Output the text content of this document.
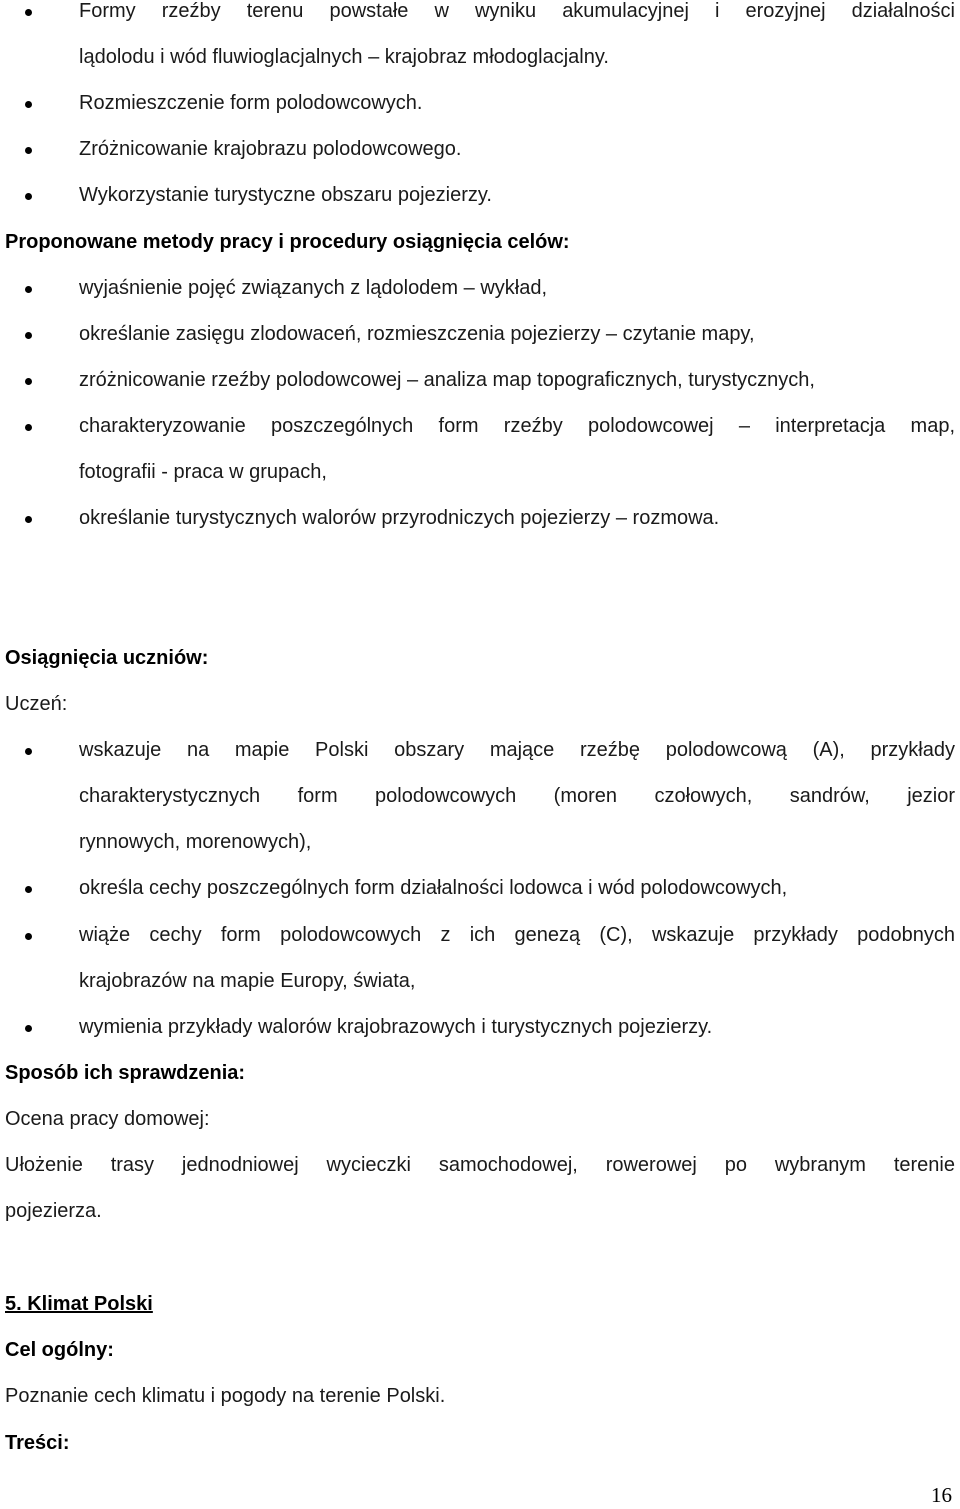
Formy rzeźby terenu powstałe w wyniku akumulacyjnej i erozyjnej działalności
lądolodu i wód fluwioglacjalnych – krajobraz młodoglacjalny.
Rozmieszczenie form polodowcowych.
Zróżnicowanie krajobrazu polodowcowego.
Wykorzystanie turystyczne obszaru pojezierzy.
Proponowane metody pracy i procedury osiągnięcia celów:
wyjaśnienie pojęć związanych z lądolodem – wykład,
określanie zasięgu zlodowaceń, rozmieszczenia pojezierzy – czytanie mapy,
zróżnicowanie rzeźby polodowcowej – analiza map topograficznych, turystycznych,
charakteryzowanie poszczególnych form rzeźby polodowcowej – interpretacja map,
fotografii - praca w grupach,
określanie turystycznych walorów przyrodniczych pojezierzy – rozmowa.
Osiągnięcia uczniów:
Uczeń:
wskazuje na mapie Polski obszary mające rzeźbę polodowcową (A), przykłady
charakterystycznych form polodowcowych (moren czołowych, sandrów, jezior
rynnowych, morenowych),
określa cechy poszczególnych form działalności lodowca i wód polodowcowych,
wiąże cechy form polodowcowych z ich genezą (C), wskazuje przykłady podobnych
krajobrazów na mapie Europy, świata,
wymienia przykłady walorów krajobrazowych i turystycznych pojezierzy.
Sposób ich sprawdzenia:
Ocena pracy domowej:
Ułożenie trasy jednodniowej wycieczki samochodowej, rowerowej po wybranym terenie
pojezierza.
5. Klimat Polski
Cel ogólny:
Poznanie cech klimatu i pogody na terenie Polski.
Treści:
16
